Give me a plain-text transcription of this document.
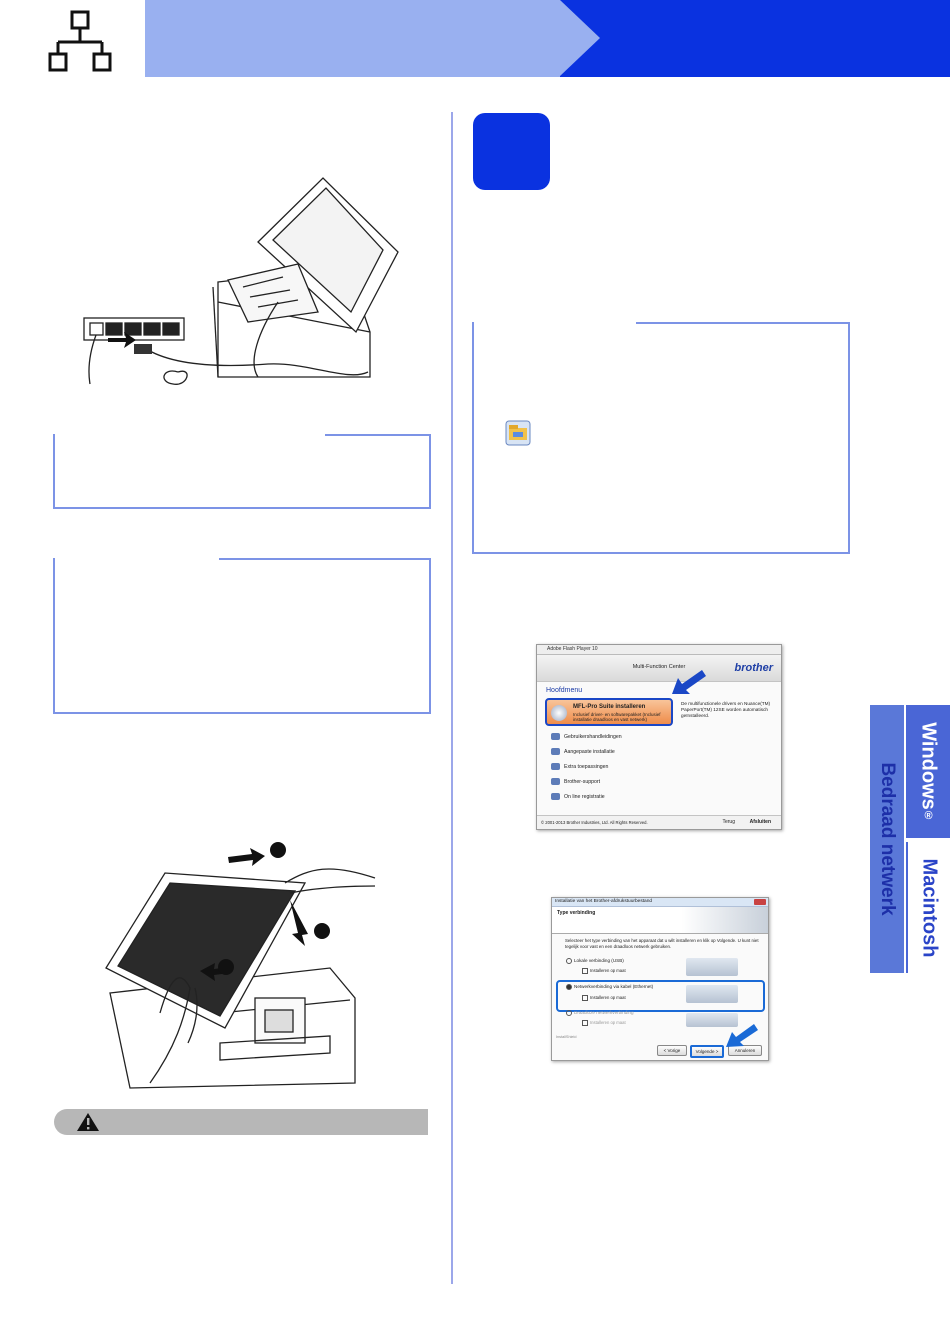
Adobe Flash Player 10
Multi-Function Center	brother
Hoofdmenu
MFL-Pro Suite installeren
Inclusief driver- en softwarepakket (Inclusief installatie draadloos en vast netwerk)
De multifunctionele drivers en Nuance(TM) PaperPort(TM) 12SE worden automatisch geïnstalleerd.
Gebruikershandleidingen
Aangepaste installatie
Extra toepassingen
Brother-support
On line registratie
© 2001-2013 Brother Industries, Ltd. All Rights Reserved.	Terug	Afsluiten
Installatie van het Brother-afdrukstuurbestand
Type verbinding
Selecteer het type verbinding van het apparaat dat u wilt installeren en klik op Volgende. U kunt niet tegelijk voor vast en een draadloos netwerk gebruiken.
Lokale verbinding (USB)
Installeren op maat
Netwerkverbinding via kabel (Ethernet)
Installeren op maat
Draadloze netwerkverbinding
Installeren op maat
InstallShield
< Vorige	Volgende >	Annuleren
Bedraad netwerk Windows®
Macintosh
